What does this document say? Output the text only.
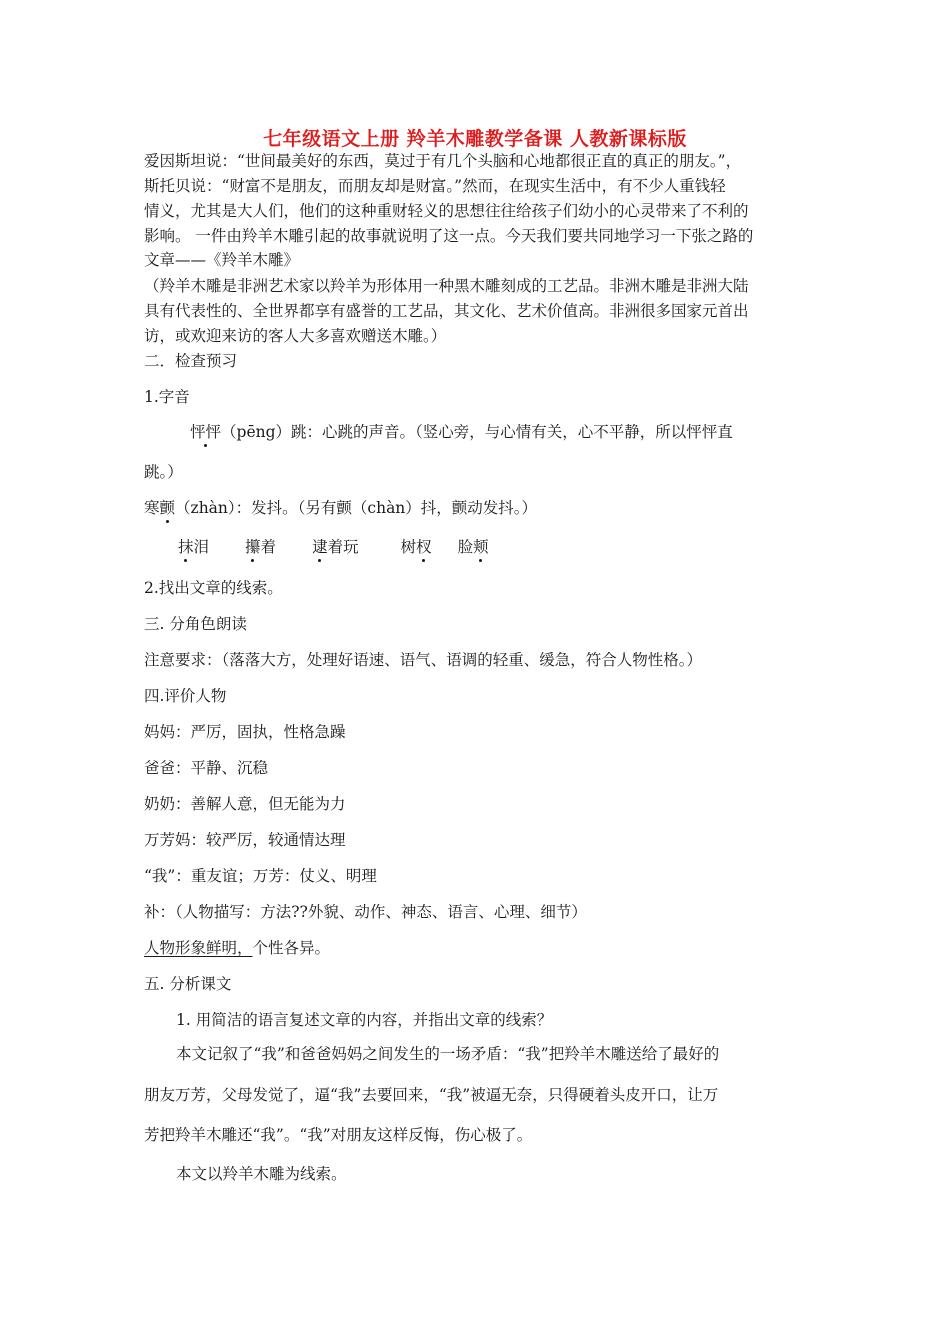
七年级语文上册 羚羊木雕教学备课 人教新课标版
爱因斯坦说：“世间最美好的东西，莫过于有几个头脑和心地都很正直的真正的朋友。”，
斯托贝说：“财富不是朋友，而朋友却是财富。”然而，在现实生活中，有不少人重钱轻
情义，尤其是大人们，他们的这种重财轻义的思想往往给孩子们幼小的心灵带来了不利的
影响。 一件由羚羊木雕引起的故事就说明了这一点。今天我们要共同地学习一下张之路的
文章——《羚羊木雕》
（羚羊木雕是非洲艺术家以羚羊为形体用一种黑木雕刻成的工艺品。非洲木雕是非洲大陆
具有代表性的、全世界都享有盛誉的工艺品，其文化、艺术价值高。非洲很多国家元首出
访，或欢迎来访的客人大多喜欢赠送木雕。）
二．检查预习
1.字音
怦怦（pēng）跳：心跳的声音。（竖心旁，与心情有关，心不平静，所以怦怦直
跳。）
寒颤（zhàn）：发抖。（另有颤（chàn）抖，颤动发抖。）
抹泪 攥着 逮着玩	树杈 脸颊
2.找出文章的线索。
三. 分角色朗读
注意要求：（落落大方，处理好语速、语气、语调的轻重、缓急，符合人物性格。）
四.评价人物
妈妈：严厉，固执，性格急躁
爸爸：平静、沉稳
奶奶：善解人意，但无能为力
万芳妈：较严厉，较通情达理
“我”：重友谊；万芳：仗义、明理
补：（人物描写：方法??外貌、动作、神态、语言、心理、细节）
人物形象鲜明，个性各异。
五. 分析课文
1. 用简洁的语言复述文章的内容，并指出文章的线索？
本文记叙了“我”和爸爸妈妈之间发生的一场矛盾：“我”把羚羊木雕送给了最好的
朋友万芳，父母发觉了，逼“我”去要回来，“我”被逼无奈，只得硬着头皮开口，让万
芳把羚羊木雕还“我”。“我”对朋友这样反悔，伤心极了。
本文以羚羊木雕为线索。
